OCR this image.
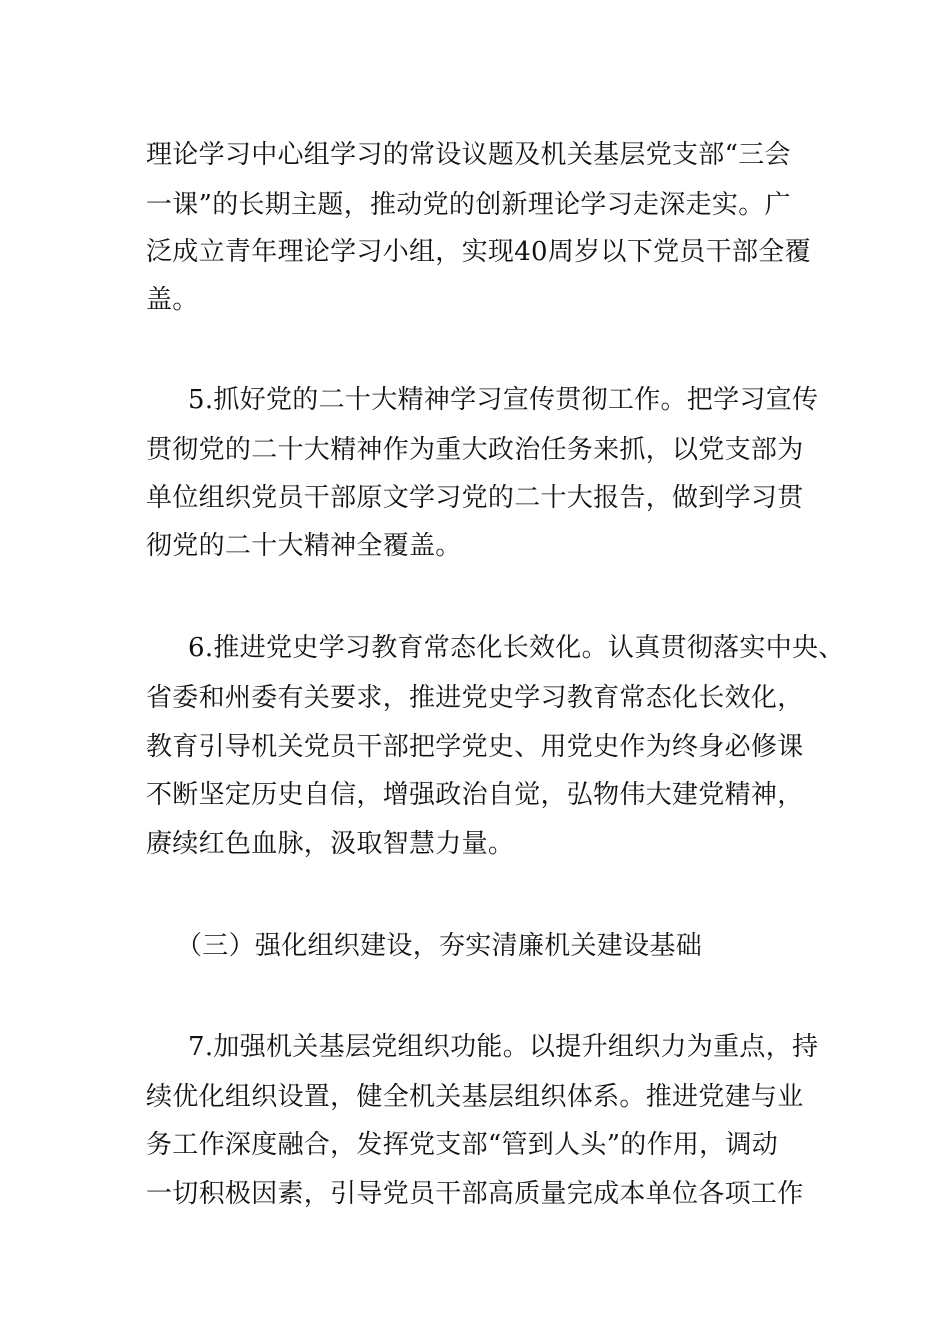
理论学习中心组学习的常设议题及机关基层党支部“三会
一课”的长期主题，推动党的创新理论学习走深走实。广
泛成立青年理论学习小组，实现40周岁以下党员干部全覆
盖。
5.抓好党的二十大精神学习宣传贯彻工作。把学习宣传
贯彻党的二十大精神作为重大政治任务来抓，以党支部为
单位组织党员干部原文学习党的二十大报告，做到学习贯
彻党的二十大精神全覆盖。
6.推进党史学习教育常态化长效化。认真贯彻落实中央、
省委和州委有关要求，推进党史学习教育常态化长效化，
教育引导机关党员干部把学党史、用党史作为终身必修课
不断坚定历史自信，增强政治自觉，弘物伟大建党精神，
赓续红色血脉，汲取智慧力量。
（三）强化组织建设，夯实清廉机关建设基础
7.加强机关基层党组织功能。以提升组织力为重点，持
续优化组织设置，健全机关基层组织体系。推进党建与业
务工作深度融合，发挥党支部“管到人头”的作用，调动
一切积极因素，引导党员干部高质量完成本单位各项工作
